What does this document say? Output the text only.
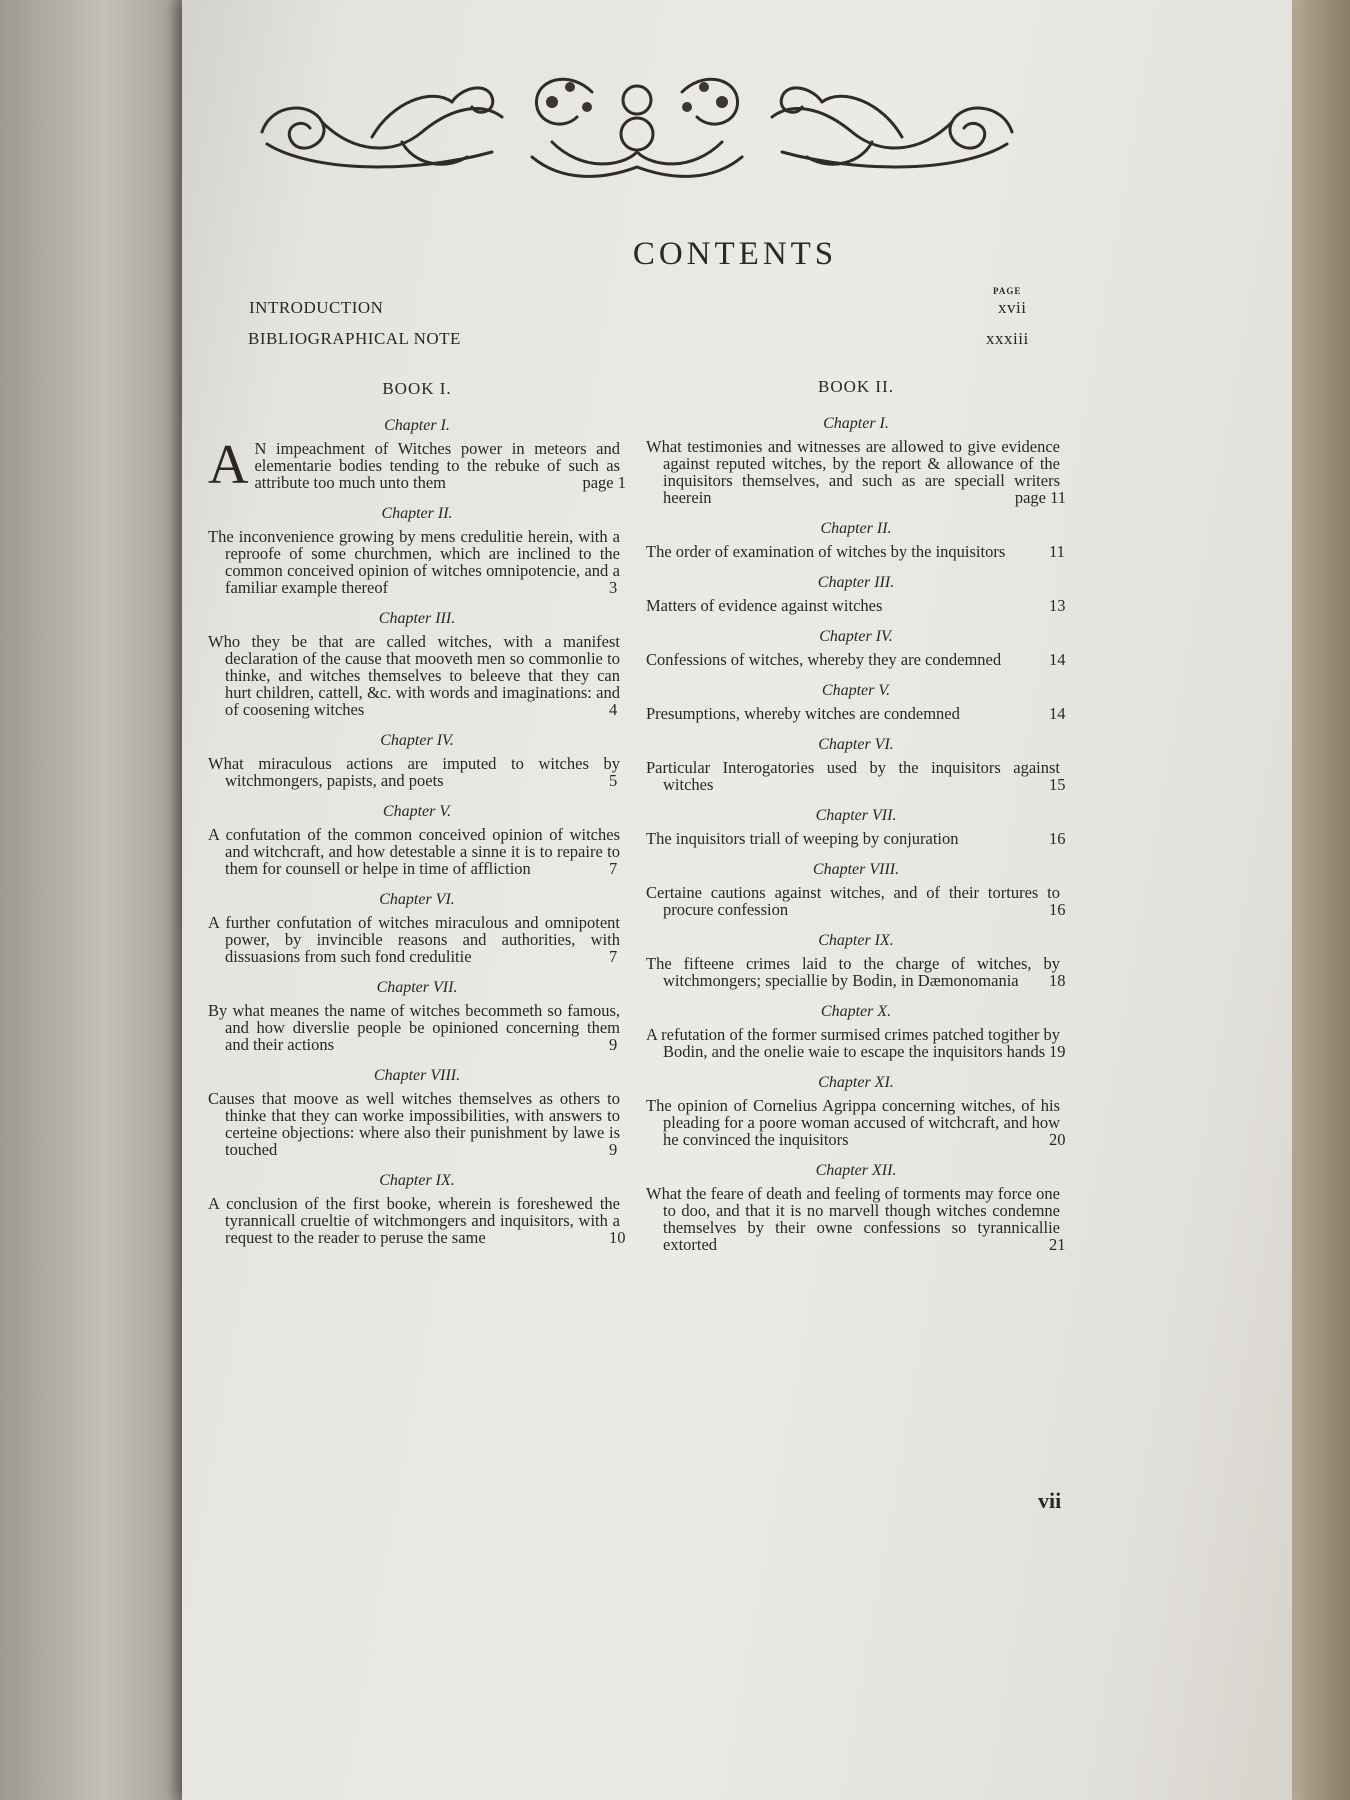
CONTENTS
PAGE
INTRODUCTION	xvii
BIBLIOGRAPHICAL NOTE	xxxiii
BOOK I.
Chapter I.
A N impeachment of Witches power in meteors and elementarie bodies tending to the rebuke of such as attribute too much unto them	page 1
Chapter II.
The inconvenience growing by mens credulitie herein, with a reproofe of some churchmen, which are inclined to the common conceived opinion of witches omnipotencie, and a familiar example thereof	3
Chapter III.
Who they be that are called witches, with a manifest declaration of the cause that mooveth men so commonlie to thinke, and witches themselves to beleeve that they can hurt children, cattell, &c. with words and imaginations: and of coosening witches	4
Chapter IV.
What miraculous actions are imputed to witches by witchmongers, papists, and poets	5
Chapter V.
A confutation of the common conceived opinion of witches and witchcraft, and how detestable a sinne it is to repaire to them for counsell or helpe in time of affliction	7
Chapter VI.
A further confutation of witches miraculous and omnipotent power, by invincible reasons and authorities, with dissuasions from such fond credulitie	7
Chapter VII.
By what meanes the name of witches becommeth so famous, and how diverslie people be opinioned concerning them and their actions	9
Chapter VIII.
Causes that moove as well witches themselves as others to thinke that they can worke impossibilities, with answers to certeine objections: where also their punishment by lawe is touched	9
Chapter IX.
A conclusion of the first booke, wherein is foreshewed the tyrannicall crueltie of witchmongers and inquisitors, with a request to the reader to peruse the same	10
BOOK II.
Chapter I.
What testimonies and witnesses are allowed to give evidence against reputed witches, by the report & allowance of the inquisitors themselves, and such as are speciall writers heerein	page 11
Chapter II.
The order of examination of witches by the inquisitors	11
Chapter III.
Matters of evidence against witches	13
Chapter IV.
Confessions of witches, whereby they are condemned	14
Chapter V.
Presumptions, whereby witches are condemned	14
Chapter VI.
Particular Interogatories used by the inquisitors against witches	15
Chapter VII.
The inquisitors triall of weeping by conjuration	16
Chapter VIII.
Certaine cautions against witches, and of their tortures to procure confession	16
Chapter IX.
The fifteene crimes laid to the charge of witches, by witchmongers; speciallie by Bodin, in Dæmonomania 18
Chapter X.
A refutation of the former surmised crimes patched togither by Bodin, and the onelie waie to escape the inquisitors hands 19
Chapter XI.
The opinion of Cornelius Agrippa concerning witches, of his pleading for a poore woman accused of witchcraft, and how he convinced the inquisitors	20
Chapter XII.
What the feare of death and feeling of torments may force one to doo, and that it is no marvell though witches condemne themselves by their owne confessions so tyrannicallie extorted	21
vii
